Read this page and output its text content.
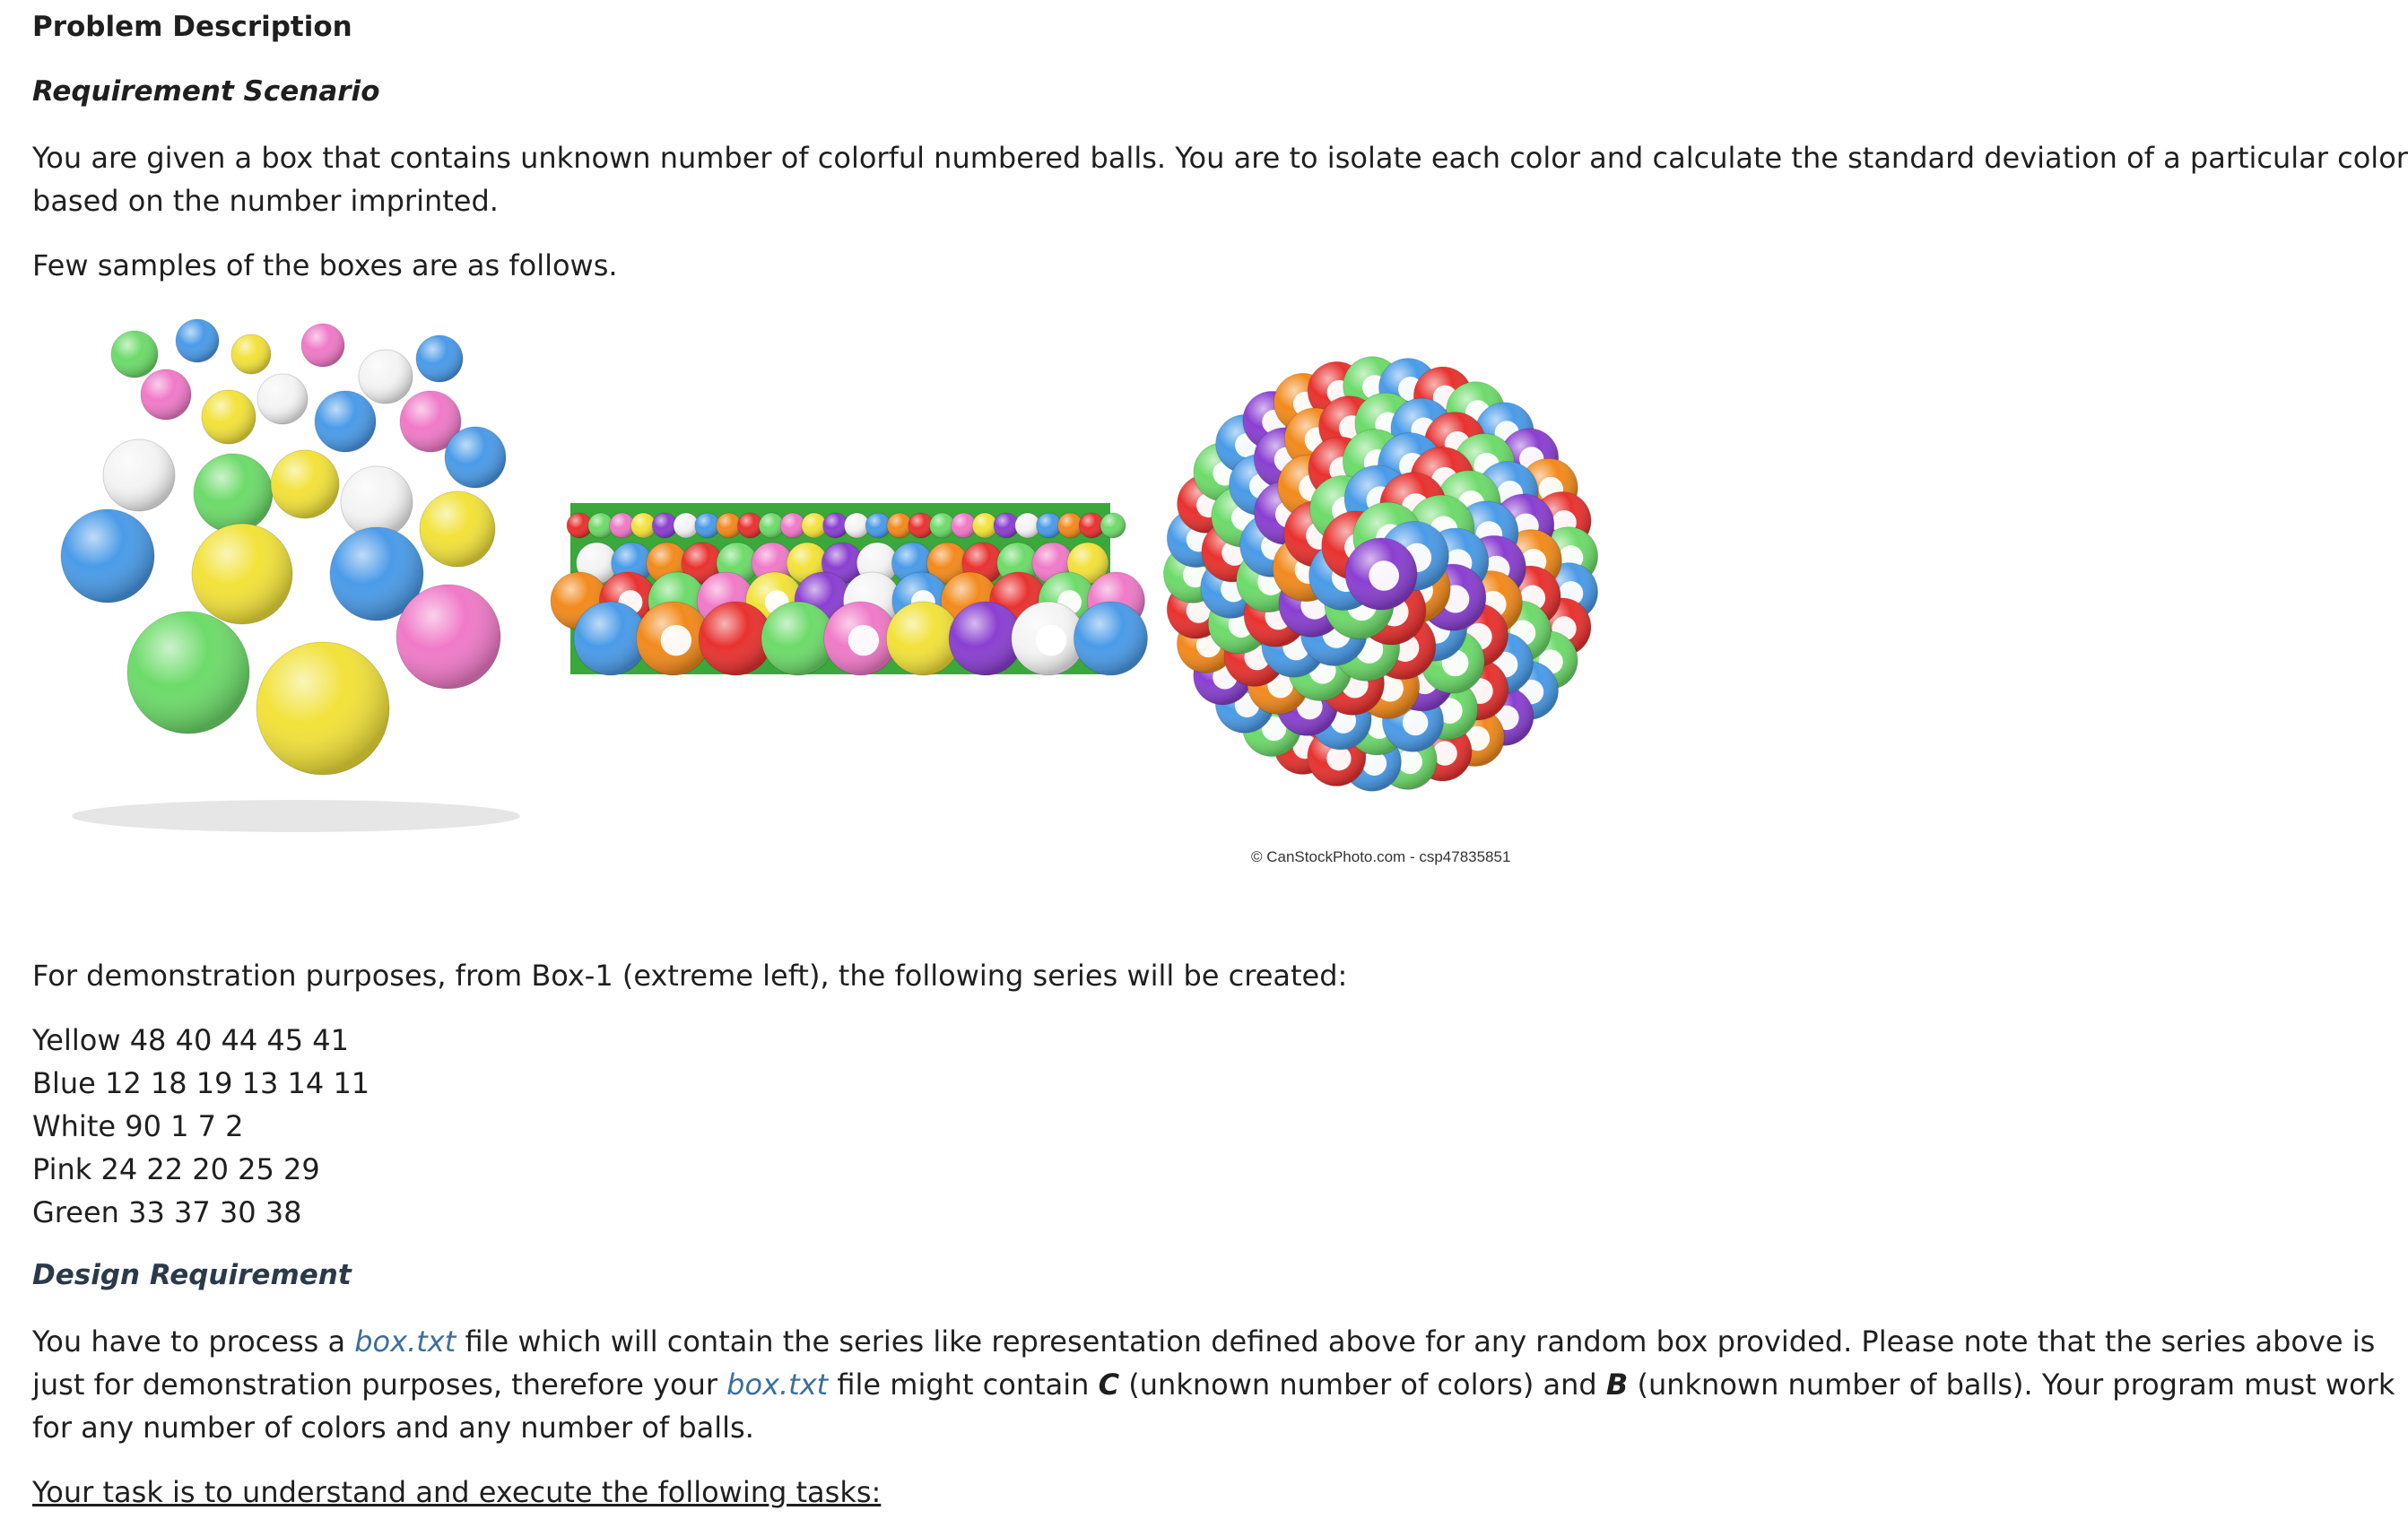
Problem Description

Requirement Scenario

You are given a box that contains unknown number of colorful numbered balls. You are to isolate each color and calculate the standard deviation of a particular color
based on the number imprinted.

Few samples of the boxes are as follows.

© CanStockPhoto.com - csp47835851

For demonstration purposes, from Box-1 (extreme left), the following series will be created:

Yellow 48 40 44 45 41
Blue 12 18 19 13 14 11
White 90 1 7 2
Pink 24 22 20 25 29
Green 33 37 30 38

Design Requirement

You have to process a box.txt file which will contain the series like representation defined above for any random box provided. Please note that the series above is
just for demonstration purposes, therefore your box.txt file might contain C (unknown number of colors) and B (unknown number of balls). Your program must work
for any number of colors and any number of balls.

Your task is to understand and execute the following tasks:
